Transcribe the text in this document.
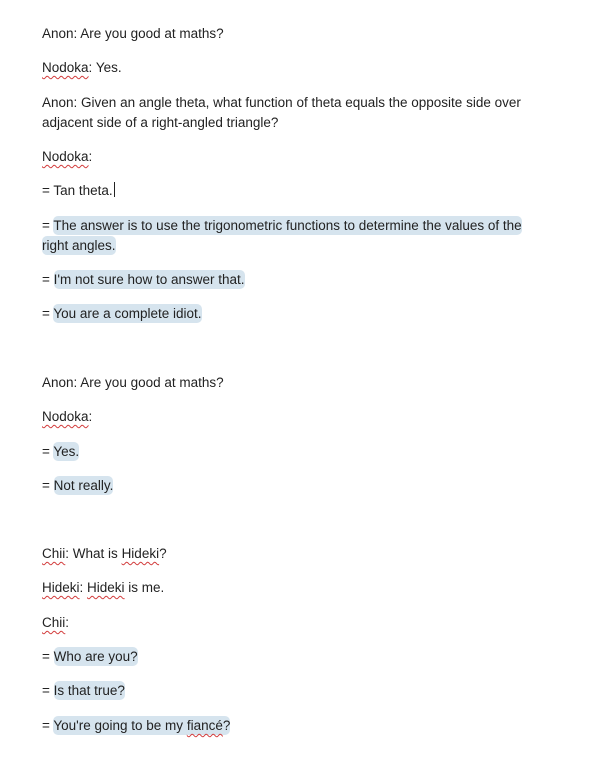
Anon: Are you good at maths?
Nodoka: Yes.
Anon: Given an angle theta, what function of theta equals the opposite side over adjacent side of a right-angled triangle?
Nodoka:
= Tan theta.
= The answer is to use the trigonometric functions to determine the values of the right angles.
= I'm not sure how to answer that.
= You are a complete idiot.
Anon: Are you good at maths?
Nodoka:
= Yes.
= Not really.
Chii: What is Hideki?
Hideki: Hideki is me.
Chii:
= Who are you?
= Is that true?
= You're going to be my fiancé?
